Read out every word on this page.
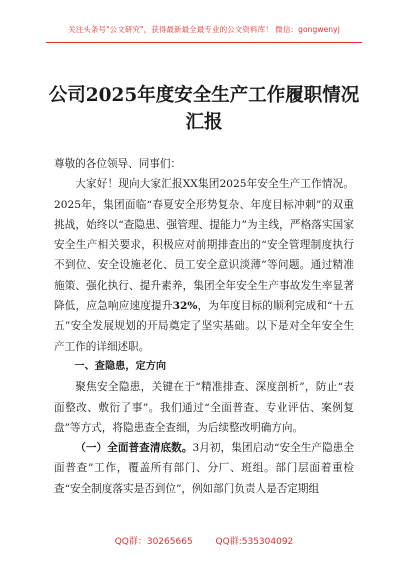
关注头条号"公文研究"，获得最新最全最专业的公文资料库！ 微信：gongwenyj
公司2025年度安全生产工作履职情况汇报

尊敬的各位领导、同事们：

大家好！现向大家汇报XX集团2025年安全生产工作情况。2025年，集团面临“春夏安全形势复杂、年度目标冲刺”的双重挑战，始终以“查隐患、强管理、提能力”为主线，严格落实国家安全生产相关要求，积极应对前期排查出的“安全管理制度执行不到位、安全设施老化、员工安全意识淡薄”等问题。通过精准施策、强化执行、提升素养，集团全年安全生产事故发生率显著降低，应急响应速度提升32%，为年度目标的顺利完成和“十五五”安全发展规划的开局奠定了坚实基础。以下是对全年安全生产工作的详细述职。

一、查隐患，定方向

聚焦安全隐患，关键在于“精准排查、深度剖析”，防止“表面整改、敷衍了事”。我们通过“全面普查、专业评估、案例复盘”等方式，将隐患查全查细，为后续整改明确方向。

（一）全面普查清底数。3月初，集团启动“安全生产隐患全面普查”工作，覆盖所有部门、分厂、班组。部门层面着重检查“安全制度落实是否到位”，例如部门负责人是否定期组

QQ群：30265665	QQ群:535304092
